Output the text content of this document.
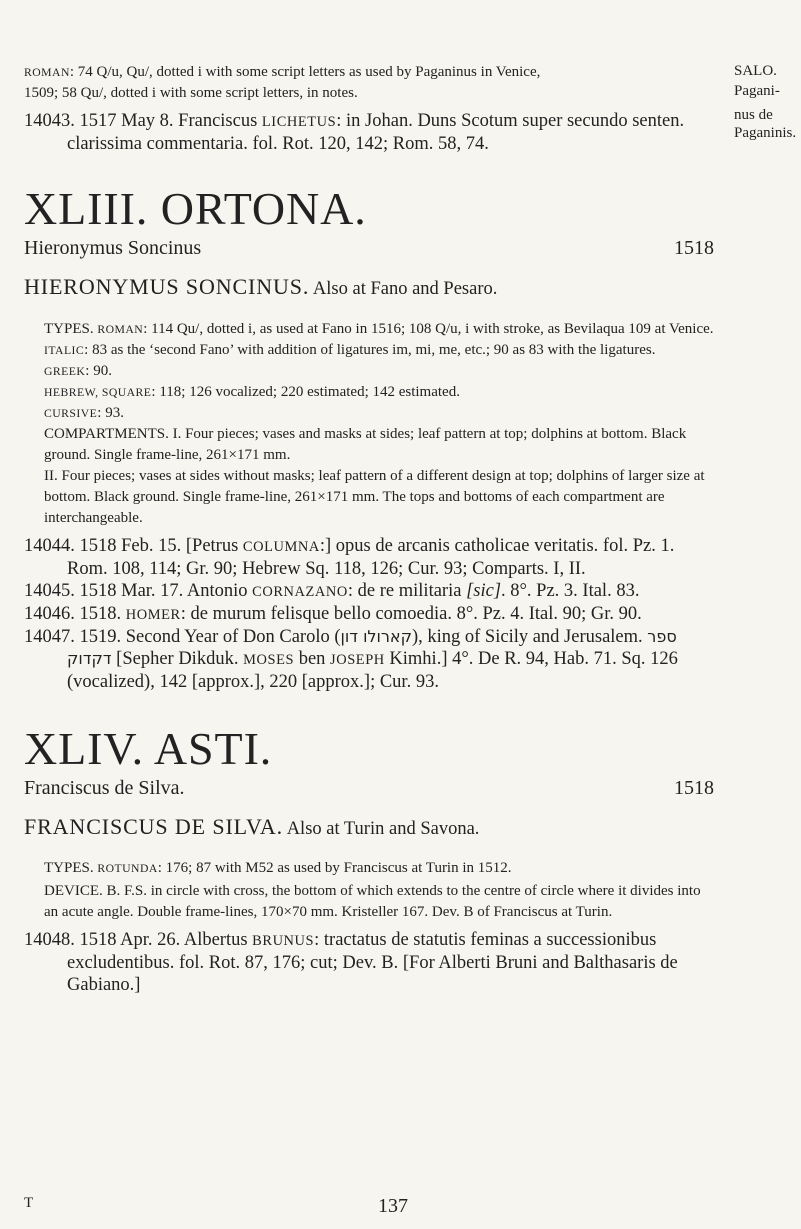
SALO.
Pagani-
nus de
Paganinis.
ROMAN: 74 Q/u, Qu/, dotted i with some script letters as used by Paganinus in Venice,
1509; 58 Qu/, dotted i with some script letters, in notes.

14043. 1517 May 8. Franciscus LICHETUS: in Johan. Duns Scotum super secundo senten. clarissima commentaria. fol. Rot. 120, 142; Rom. 58, 74.

XLIII. ORTONA.
Hieronymus Soncinus	1518

HIERONYMUS SONCINUS. Also at Fano and Pesaro.

TYPES. ROMAN: 114 Qu/, dotted i, as used at Fano in 1516; 108 Q/u, i with stroke, as Bevilaqua 109 at Venice.
ITALIC: 83 as the ‘second Fano’ with addition of ligatures im, mi, me, etc.; 90 as 83 with the ligatures.
GREEK: 90.
HEBREW, SQUARE: 118; 126 vocalized; 220 estimated; 142 estimated.
CURSIVE: 93.
COMPARTMENTS. I. Four pieces; vases and masks at sides; leaf pattern at top; dolphins at bottom. Black ground. Single frame-line, 261×171 mm.
II. Four pieces; vases at sides without masks; leaf pattern of a different design at top; dolphins of larger size at bottom. Black ground. Single frame-line, 261×171 mm. The tops and bottoms of each compartment are interchangeable.

14044. 1518 Feb. 15. [Petrus COLUMNA:] opus de arcanis catholicae veritatis. fol. Pz. 1. Rom. 108, 114; Gr. 90; Hebrew Sq. 118, 126; Cur. 93; Comparts. I, II.

14045. 1518 Mar. 17. Antonio CORNAZANO: de re militaria [sic]. 8°. Pz. 3. Ital. 83.

14046. 1518. HOMER: de murum felisque bello comoedia. 8°. Pz. 4. Ital. 90; Gr. 90.

14047. 1519. Second Year of Don Carolo (קארולו דון), king of Sicily and Jerusalem. ספר דקדוק [Sepher Dikduk. MOSES ben JOSEPH Kimhi.] 4°. De R. 94, Hab. 71. Sq. 126 (vocalized), 142 [approx.], 220 [approx.]; Cur. 93.

XLIV. ASTI.
Franciscus de Silva.	1518

FRANCISCUS DE SILVA. Also at Turin and Savona.

TYPES. ROTUNDA: 176; 87 with M52 as used by Franciscus at Turin in 1512.
DEVICE. B. F.S. in circle with cross, the bottom of which extends to the centre of circle where it divides into an acute angle. Double frame-lines, 170×70 mm. Kristeller 167. Dev. B of Franciscus at Turin.

14048. 1518 Apr. 26. Albertus BRUNUS: tractatus de statutis feminas a successionibus excludentibus. fol. Rot. 87, 176; cut; Dev. B. [For Alberti Bruni and Balthasaris de Gabiano.]

T	137
